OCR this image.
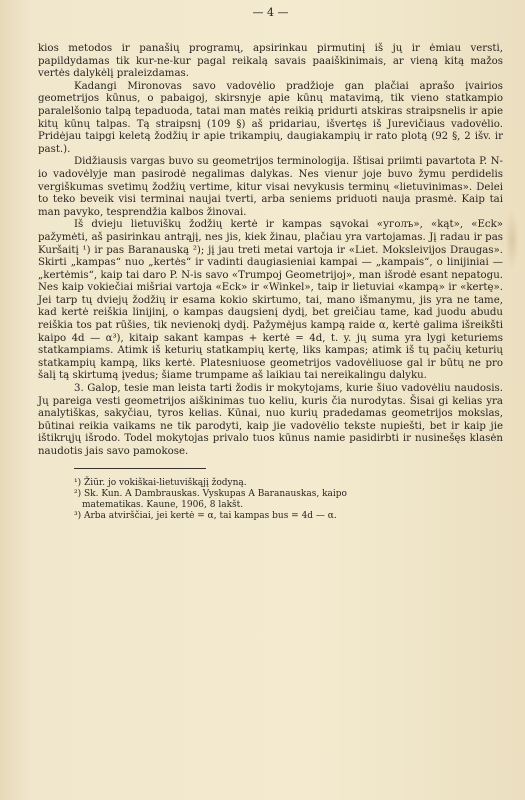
— 4 —

kios metodos ir panašių programų, apsirinkau pirmutinį iš jų ir ėmiau versti, papildydamas tik kur-ne-kur pagal reikalą savais paaiškinimais, ar vieną kitą mažos vertės dalykėlį praleizdamas.

Kadangi Mironovas savo vadovėlio pradžioje gan plačiai aprašo įvairios geometrijos kūnus, o pabaigoj, skirsnyje apie kūnų matavimą, tik vieno statkampio paralelšonio talpą tepaduoda, tatai man matės reikią pridurti atskiras straipsnelis ir apie kitų kūnų talpas. Tą straipsnį (109 §) aš pridariau, išvertęs iš Jurevičiaus vadovėlio. Pridėjau taipgi keletą žodžių ir apie trikampių, daugiakampių ir rato plotą (92 §, 2 išv. ir past.).

Didžiausis vargas buvo su geometrijos terminologija. Ištisai priimti pavartota P. N-io vadovėlyje man pasirodė negalimas dalykas. Nes vienur joje buvo žymu perdidelis vergiškumas svetimų žodžių vertime, kitur visai nevykusis terminų «lietuvinimas». Delei to teko beveik visi terminai naujai tverti, arba seniems priduoti nauja prasmė. Kaip tai man pavyko, tesprendžia kalbos žinovai.

Iš dvieju lietuviškų žodžių kertė ir kampas sąvokai «уголъ», «kąt», «Eck» pažymėti, aš pasirinkau antrąjį, nes jis, kiek žinau, plačiau yra vartojamas. Jį radau ir pas Kuršaitį ¹) ir pas Baranauską ²); jį jau treti metai vartoja ir «Liet. Moksleivijos Draugas». Skirti „kampas“ nuo „kertės“ ir vadinti daugiasieniai kampai — „kampais“, o linijiniai — „kertėmis“, kaip tai daro P. N-is savo «Trumpoj Geometrijoj», man išrodė esant nepatogu. Nes kaip vokiečiai mišriai vartoja «Eck» ir «Winkel», taip ir lietuviai «kampą» ir «kertę». Jei tarp tų dviejų žodžių ir esama kokio skirtumo, tai, mano išmanymu, jis yra ne tame, kad kertė reiškia linijinį, o kampas daugsienį dydį, bet greičiau tame, kad juodu abudu reiškia tos pat rūšies, tik nevienokį dydį. Pažymėjus kampą raide α, kertė galima išreikšti kaipo 4d — α³), kitaip sakant kampas + kertė = 4d, t. y. jų suma yra lygi keturiems statkampiams. Atimk iš keturių statkampių kertę, liks kampas; atimk iš tų pačių keturių statkampių kampą, liks kertė. Platesniuose geometrijos vadovėliuose gal ir būtų ne pro šalį tą skirtumą įvedus; šiame trumpame aš laikiau tai nereikalingu dalyku.

3. Galop, tesie man leista tarti žodis ir mokytojams, kurie šiuo vadovėliu naudosis. Jų pareiga vesti geometrijos aiškinimas tuo keliu, kuris čia nurodytas. Šisai gi kelias yra analytiškas, sakyčiau, tyros kelias. Kūnai, nuo kurių pradedamas geometrijos mokslas, būtinai reikia vaikams ne tik parodyti, kaip jie vadovėlio tekste nupiešti, bet ir kaip jie ištikrųjų išrodo. Todel mokytojas privalo tuos kūnus namie pasidirbti ir nusinešęs klasėn naudotis jais savo pamokose.

¹) Žiūr. jo vokiškai-lietuviškąjį žodyną.
²) Sk. Kun. A Dambrauskas. Vyskupas A Baranauskas, kaipo
matematikas. Kaune, 1906, 8 lakšt.
³) Arba atvirščiai, jei kertė = α, tai kampas bus = 4d — α.
